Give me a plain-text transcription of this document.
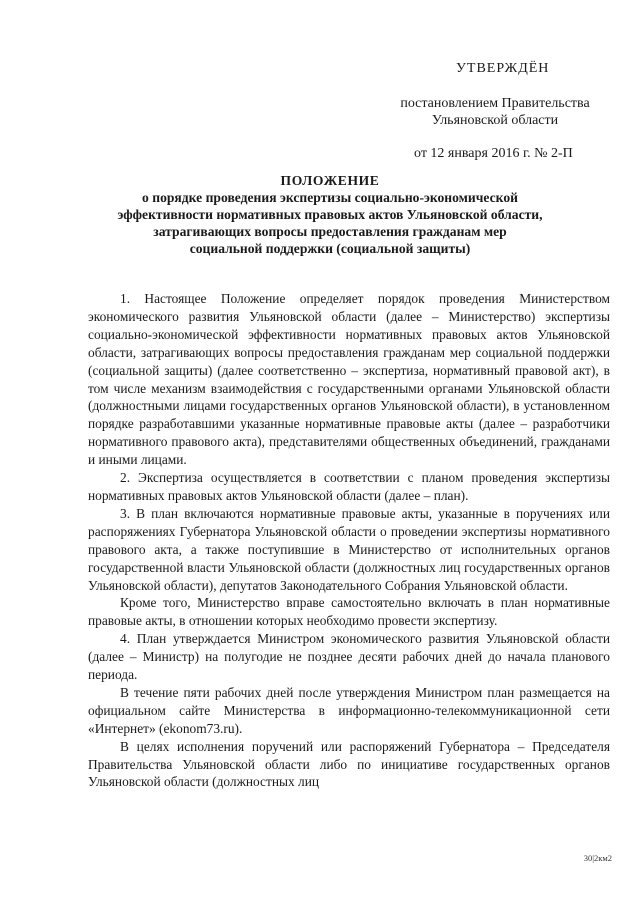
УТВЕРЖДЁН
постановлением Правительства
Ульяновской области
от 12 января 2016 г. № 2-П
ПОЛОЖЕНИЕ
о порядке проведения экспертизы социально-экономической
эффективности нормативных правовых актов Ульяновской области,
затрагивающих вопросы предоставления гражданам мер
социальной поддержки (социальной защиты)

1. Настоящее Положение определяет порядок проведения Министерством экономического развития Ульяновской области (далее – Министерство) экспертизы социально-экономической эффективности нормативных правовых актов Ульяновской области, затрагивающих вопросы предоставления гражданам мер социальной поддержки (социальной защиты) (далее соответственно – экспертиза, нормативный правовой акт), в том числе механизм взаимодействия с государственными органами Ульяновской области (должностными лицами государственных органов Ульяновской области), в установленном порядке разработавшими указанные нормативные правовые акты (далее – разработчики нормативного правового акта), представителями общественных объединений, гражданами и иными лицами.

2. Экспертиза осуществляется в соответствии с планом проведения экспертизы нормативных правовых актов Ульяновской области (далее – план).

3. В план включаются нормативные правовые акты, указанные в поручениях или распоряжениях Губернатора Ульяновской области о проведении экспертизы нормативного правового акта, а также поступившие в Министерство от исполнительных органов государственной власти Ульяновской области (должностных лиц государственных органов Ульяновской области), депутатов Законодательного Собрания Ульяновской области.

Кроме того, Министерство вправе самостоятельно включать в план нормативные правовые акты, в отношении которых необходимо провести экспертизу.

4. План утверждается Министром экономического развития Ульяновской области (далее – Министр) на полугодие не позднее десяти рабочих дней до начала планового периода.

В течение пяти рабочих дней после утверждения Министром план размещается на официальном сайте Министерства в информационно-телекоммуникационной сети «Интернет» (ekonom73.ru).

В целях исполнения поручений или распоряжений Губернатора – Председателя Правительства Ульяновской области либо по инициативе государственных органов Ульяновской области (должностных лиц

30|2км2
